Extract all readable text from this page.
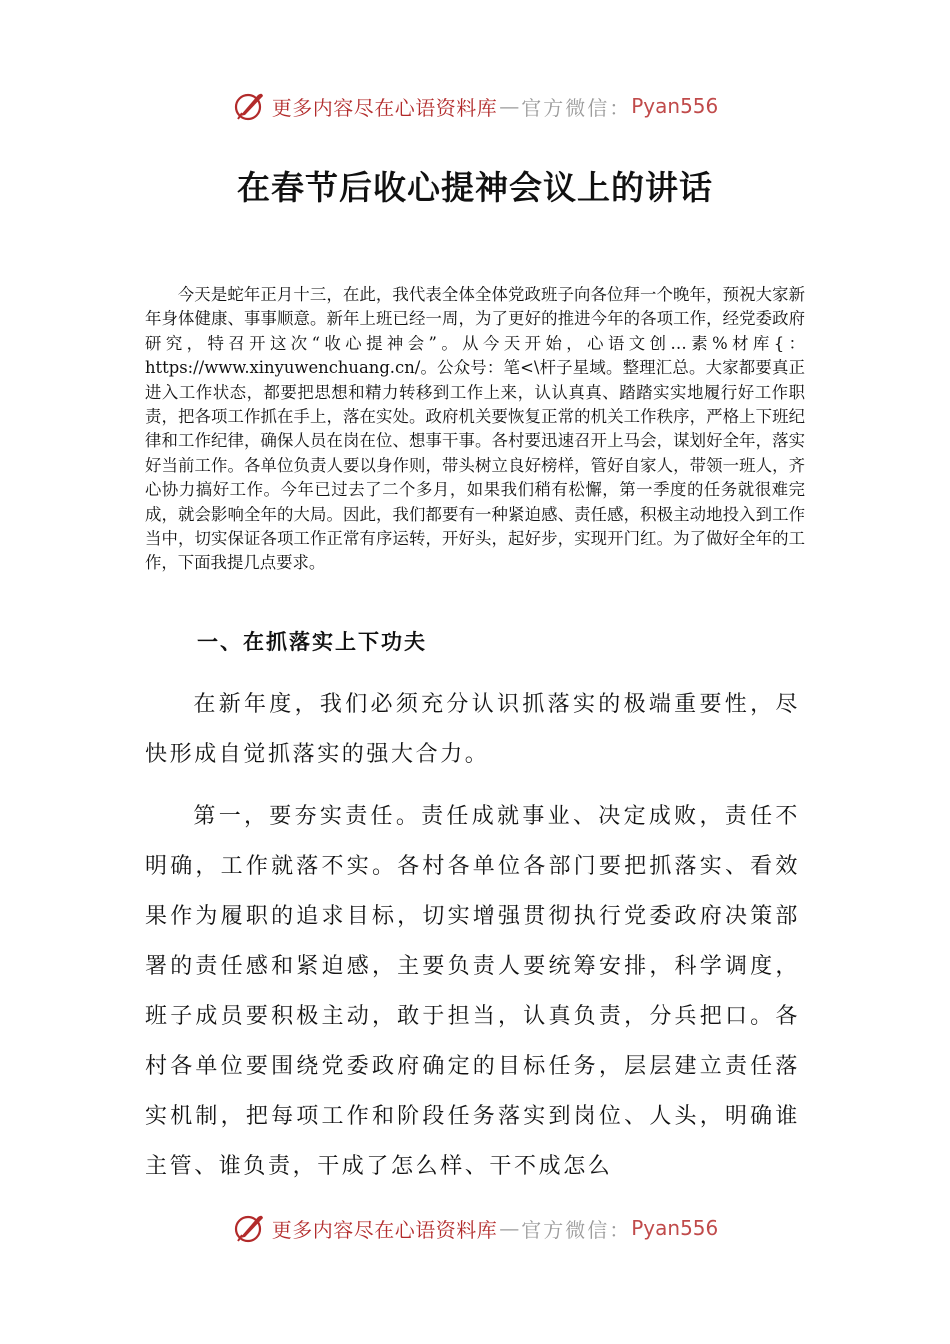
更多内容尽在心语资料库 — 官方微信： Pyan556
在春节后收心提神会议上的讲话

今天是蛇年正月十三，在此，我代表全体全体党政班子向各位拜一个晚年，预祝大家新年身体健康、事事顺意。新年上班已经一周，为了更好的推进今年的各项工作，经党委政府研究，特召开这次“收心提神会”。从今天开始，心语文创…素%材库{：https://www.xinyuwenchuang.cn/。公众号：笔<\杆子星域。整理汇总。大家都要真正进入工作状态，都要把思想和精力转移到工作上来，认认真真、踏踏实实地履行好工作职责，把各项工作抓在手上，落在实处。政府机关要恢复正常的机关工作秩序，严格上下班纪律和工作纪律，确保人员在岗在位、想事干事。各村要迅速召开上马会，谋划好全年，落实好当前工作。各单位负责人要以身作则，带头树立良好榜样，管好自家人，带领一班人，齐心协力搞好工作。今年已过去了二个多月，如果我们稍有松懈，第一季度的任务就很难完成，就会影响全年的大局。因此，我们都要有一种紧迫感、责任感，积极主动地投入到工作当中，切实保证各项工作正常有序运转，开好头，起好步，实现开门红。为了做好全年的工作，下面我提几点要求。

一、在抓落实上下功夫

在新年度，我们必须充分认识抓落实的极端重要性，尽快形成自觉抓落实的强大合力。

第一，要夯实责任。责任成就事业、决定成败，责任不明确，工作就落不实。各村各单位各部门要把抓落实、看效果作为履职的追求目标，切实增强贯彻执行党委政府决策部署的责任感和紧迫感，主要负责人要统筹安排，科学调度，班子成员要积极主动，敢于担当，认真负责，分兵把口。各村各单位要围绕党委政府确定的目标任务，层层建立责任落实机制，把每项工作和阶段任务落实到岗位、人头，明确谁主管、谁负责，干成了怎么样、干不成怎么

更多内容尽在心语资料库 — 官方微信： Pyan556
